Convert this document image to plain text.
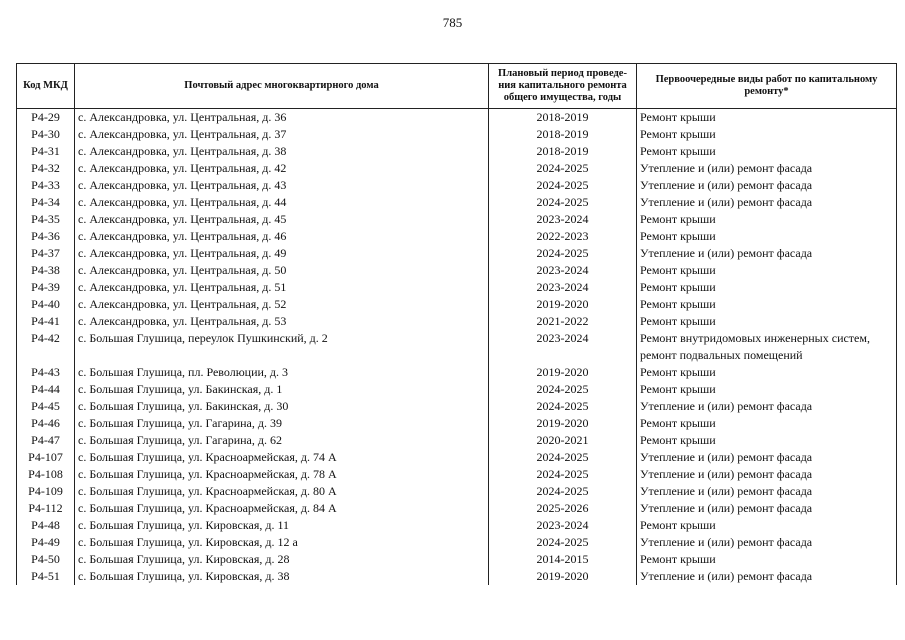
785
Код МКД	Почтовый адрес многоквартирного дома	Плановый период проведе-ния капитального ремонта общего имущества, годы	Первоочередные виды работ по капитальному ремонту*
Р4-29	с. Александровка, ул. Центральная, д. 36	2018-2019	Ремонт крыши
Р4-30	с. Александровка, ул. Центральная, д. 37	2018-2019	Ремонт крыши
Р4-31	с. Александровка, ул. Центральная, д. 38	2018-2019	Ремонт крыши
Р4-32	с. Александровка, ул. Центральная, д. 42	2024-2025	Утепление и (или) ремонт фасада
Р4-33	с. Александровка, ул. Центральная, д. 43	2024-2025	Утепление и (или) ремонт фасада
Р4-34	с. Александровка, ул. Центральная, д. 44	2024-2025	Утепление и (или) ремонт фасада
Р4-35	с. Александровка, ул. Центральная, д. 45	2023-2024	Ремонт крыши
Р4-36	с. Александровка, ул. Центральная, д. 46	2022-2023	Ремонт крыши
Р4-37	с. Александровка, ул. Центральная, д. 49	2024-2025	Утепление и (или) ремонт фасада
Р4-38	с. Александровка, ул. Центральная, д. 50	2023-2024	Ремонт крыши
Р4-39	с. Александровка, ул. Центральная, д. 51	2023-2024	Ремонт крыши
Р4-40	с. Александровка, ул. Центральная, д. 52	2019-2020	Ремонт крыши
Р4-41	с. Александровка, ул. Центральная, д. 53	2021-2022	Ремонт крыши
Р4-42	с. Большая Глушица, переулок Пушкинский, д. 2	2023-2024	Ремонт внутридомовых инженерных систем, ремонт подвальных помещений
Р4-43	с. Большая Глушица, пл. Революции, д. 3	2019-2020	Ремонт крыши
Р4-44	с. Большая Глушица, ул. Бакинская, д. 1	2024-2025	Ремонт крыши
Р4-45	с. Большая Глушица, ул. Бакинская, д. 30	2024-2025	Утепление и (или) ремонт фасада
Р4-46	с. Большая Глушица, ул. Гагарина, д. 39	2019-2020	Ремонт крыши
Р4-47	с. Большая Глушица, ул. Гагарина, д. 62	2020-2021	Ремонт крыши
Р4-107	с. Большая Глушица, ул. Красноармейская, д. 74 А	2024-2025	Утепление и (или) ремонт фасада
Р4-108	с. Большая Глушица, ул. Красноармейская, д. 78 А	2024-2025	Утепление и (или) ремонт фасада
Р4-109	с. Большая Глушица, ул. Красноармейская, д. 80 А	2024-2025	Утепление и (или) ремонт фасада
Р4-112	с. Большая Глушица, ул. Красноармейская, д. 84 А	2025-2026	Утепление и (или) ремонт фасада
Р4-48	с. Большая Глушица, ул. Кировская, д. 11	2023-2024	Ремонт крыши
Р4-49	с. Большая Глушица, ул. Кировская, д. 12 а	2024-2025	Утепление и (или) ремонт фасада
Р4-50	с. Большая Глушица, ул. Кировская, д. 28	2014-2015	Ремонт крыши
Р4-51	с. Большая Глушица, ул. Кировская, д. 38	2019-2020	Утепление и (или) ремонт фасада
